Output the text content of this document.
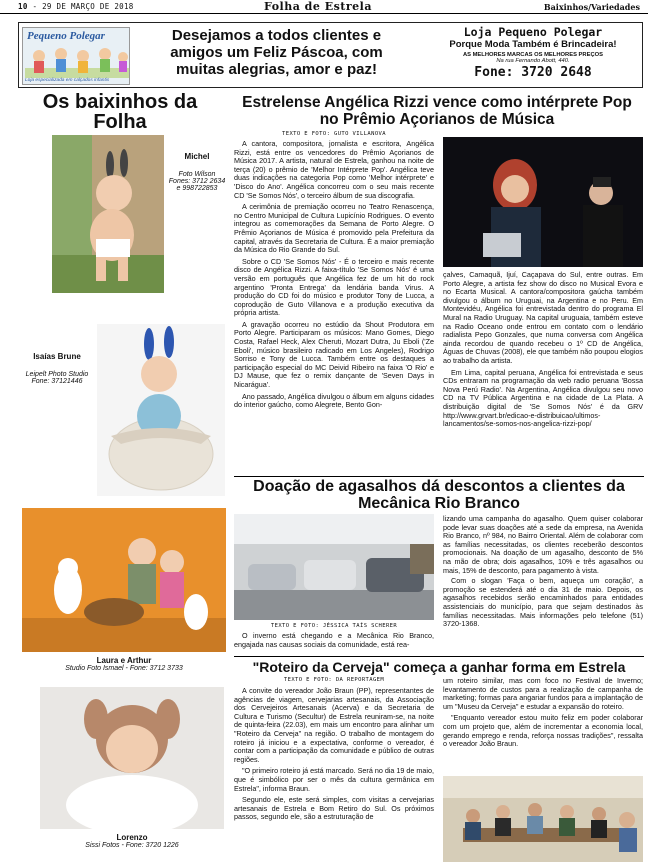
10 - 29 DE MARÇO DE 2018	Folha de Estrela	Baixinhos/Variedades
Pequeno Polegar
Loja especializada em calçados infantis
Desejamos a todos clientes e amigos um Feliz Páscoa, com muitas alegrias, amor e paz!
Loja Pequeno Polegar
Porque Moda Também é Brincadeira!
AS MELHORES MARCAS OS MELHORES PREÇOS
Na rua Fernando Abott, 440.
Fone: 3720 2648
Os baixinhos da Folha
Michel
Foto Wilson Fones: 3712 2634 e 998722853
Isaías Brune
Leipelt Photo Studio Fone: 37121446
Laura e Arthur
Studio Foto Ismael - Fone: 3712 3733
Lorenzo
Sissi Fotos - Fone: 3720 1226
Estrelense Angélica Rizzi vence como intérprete Pop no Prêmio Açorianos de Música
TEXTO E FOTO: GUTO VILLANOVA

A cantora, compositora, jornalista e escritora, Angélica Rizzi, está entre os vencedores do Prêmio Açorianos de Música 2017. A artista, natural de Estrela, ganhou na noite de terça (20) o prêmio de 'Melhor Intérprete Pop'. Angélica teve duas indicações na categoria Pop como 'Melhor intérprete' e 'Disco do Ano'. Angélica concorreu com o seu mais recente CD 'Se Somos Nós', o terceiro álbum de sua discografia.

A cerimônia de premiação ocorreu no Teatro Renascença, no Centro Municipal de Cultura Lupicínio Rodrigues. O evento integrou as comemorações da Semana de Porto Alegre. O Prêmio Açorianos de Música é promovido pela Prefeitura da capital, através da Secretaria de Cultura. É a maior premiação da Música do Rio Grande do Sul.

Sobre o CD 'Se Somos Nós' - É o terceiro e mais recente disco de Angélica Rizzi. A faixa-título 'Se Somos Nós' é uma versão em português que Angélica fez de um hit do rock argentino 'Pronta Entrega' da lendária banda Virus. A produção do CD foi do músico e produtor Tony de Lucca, a coprodução de Guto Villanova e a produção executiva da própria artista.

A gravação ocorreu no estúdio da Shout Produtora em Porto Alegre. Participaram os músicos: Mano Gomes, Diego Costa, Rafael Heck, Alex Cheruti, Mozart Dutra, Ju Eboli ('Ze Eboli', músico brasileiro radicado em Los Angeles), Rodrigo Sorriso e Tony de Lucca. Também entre os destaques a participação especial do MC Deivid Ribeiro na faixa 'O Rio' e DJ Mause, que fez o remix dançante de 'Seven Days in Nicarágua'.

Ano passado, Angélica divulgou o álbum em alguns cidades do interior gaúcho, como Alegrete, Bento Gon-

çalves, Camaquã, Ijuí, Caçapava do Sul, entre outras. Em Porto Alegre, a artista fez show do disco no Musical Evora e no Ecarta Musical. A cantora/compositora gaúcha também divulgou o álbum no Uruguai, na Argentina e no Peru. Em Montevidéu, Angélica foi entrevistada dentro do programa El Mural na Radio Uruguay. Na capital uruguaia, também esteve na Radio Oceano onde entrou em contato com o lendário radialista Pepo Gonzales, que numa conversa com Angélica ainda recordou de quando recebeu o 1º CD de Angélica, Águas de Chuvas (2008), ele que também não poupou elogios ao trabalho da artista.

Em Lima, capital peruana, Angélica foi entrevistada e seus CDs entraram na programação da web radio peruana 'Bossa Nova Perú Radio'. Na Argentina, Angélica divulgou seu novo CD na TV Pública Argentina e na cidade de La Plata. A distribuição digital de 'Se Somos Nós' é da GRV http://www.grvart.br/edicao-e-distribuicao/ultimos-lancamentos/se-somos-nos-angelica-rizzi-pop/

Doação de agasalhos dá descontos a clientes da Mecânica Rio Branco
TEXTO E FOTO: JÉSSICA TAÍS SCHERER

O inverno está chegando e a Mecânica Rio Branco, engajada nas causas sociais da comunidade, está rea-

lizando uma campanha do agasalho. Quem quiser colaborar pode levar suas doações até a sede da empresa, na Avenida Rio Branco, nº 984, no Bairro Oriental. Além de colaborar com as famílias necessitadas, os clientes receberão descontos promocionais. Na doação de um agasalho, desconto de 5% na mão de obra; dois agasalhos, 10% e três agasalhos ou mais, 15% de desconto, para pagamento à vista.

Com o slogan 'Faça o bem, aqueça um coração', a promoção se estenderá até o dia 31 de maio. Depois, os agasalhos recebidos serão encaminhados para entidades assistenciais do município, para que sejam destinados às famílias necessitadas. Mais informações pelo telefone (51) 3720-1368.

"Roteiro da Cerveja" começa a ganhar forma em Estrela
TEXTO E FOTO: DA REPORTAGEM

A convite do vereador João Braun (PP), representantes de agências de viagem, cervejarias artesanais, da Associação dos Cervejeiros Artesanais (Acerva) e da Secretaria de Cultura e Turismo (Secultur) de Estrela reuniram-se, na noite de quinta-feira (22.03), em mais um encontro para alinhar um "Roteiro da Cerveja" na região. O trabalho de montagem do roteiro já iniciou e a expectativa, conforme o vereador, é contar com a participação da comunidade e público de outras regiões.

"O primeiro roteiro já está marcado. Será no dia 19 de maio, que é simbólico por ser o mês da cultura germânica em Estrela", informa Braun.

Segundo ele, este será simples, com visitas a cervejarias artesanais de Estrela e Bom Retiro do Sul. Os próximos passos, segundo ele, são a estruturação de

um roteiro similar, mas com foco no Festival de Inverno; levantamento de custos para a realização de campanha de marketing; formas para angariar fundos para a implantação de um "Museu da Cerveja" e estudar a expansão do roteiro.

"Enquanto vereador estou muito feliz em poder colaborar com um projeto que, além de incrementar a economia local, gerando emprego e renda, reforça nossas tradições", ressalta o vereador João Braun.
